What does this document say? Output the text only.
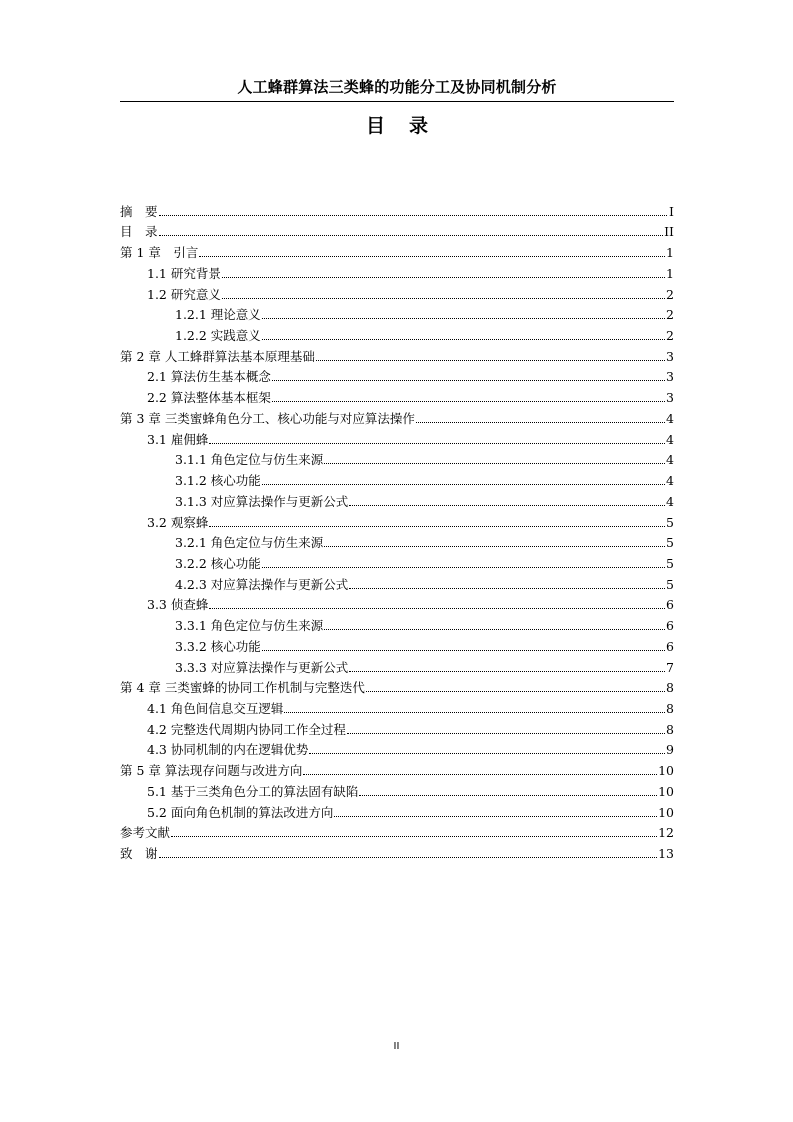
人工蜂群算法三类蜂的功能分工及协同机制分析
目录
摘　要	I
目　录	II
第 1 章　引言	1
1.1 研究背景	1
1.2 研究意义	2
1.2.1 理论意义	2
1.2.2 实践意义	2
第 2 章 人工蜂群算法基本原理基础	3
2.1 算法仿生基本概念	3
2.2 算法整体基本框架	3
第 3 章 三类蜜蜂角色分工、核心功能与对应算法操作	4
3.1 雇佣蜂	4
3.1.1 角色定位与仿生来源	4
3.1.2 核心功能	4
3.1.3 对应算法操作与更新公式	4
3.2 观察蜂	5
3.2.1 角色定位与仿生来源	5
3.2.2 核心功能	5
4.2.3 对应算法操作与更新公式	5
3.3 侦查蜂	6
3.3.1 角色定位与仿生来源	6
3.3.2 核心功能	6
3.3.3 对应算法操作与更新公式	7
第 4 章 三类蜜蜂的协同工作机制与完整迭代	8
4.1 角色间信息交互逻辑	8
4.2 完整迭代周期内协同工作全过程	8
4.3 协同机制的内在逻辑优势	9
第 5 章 算法现存问题与改进方向	10
5.1 基于三类角色分工的算法固有缺陷	10
5.2 面向角色机制的算法改进方向	10
参考文献	12
致　谢	13
II
